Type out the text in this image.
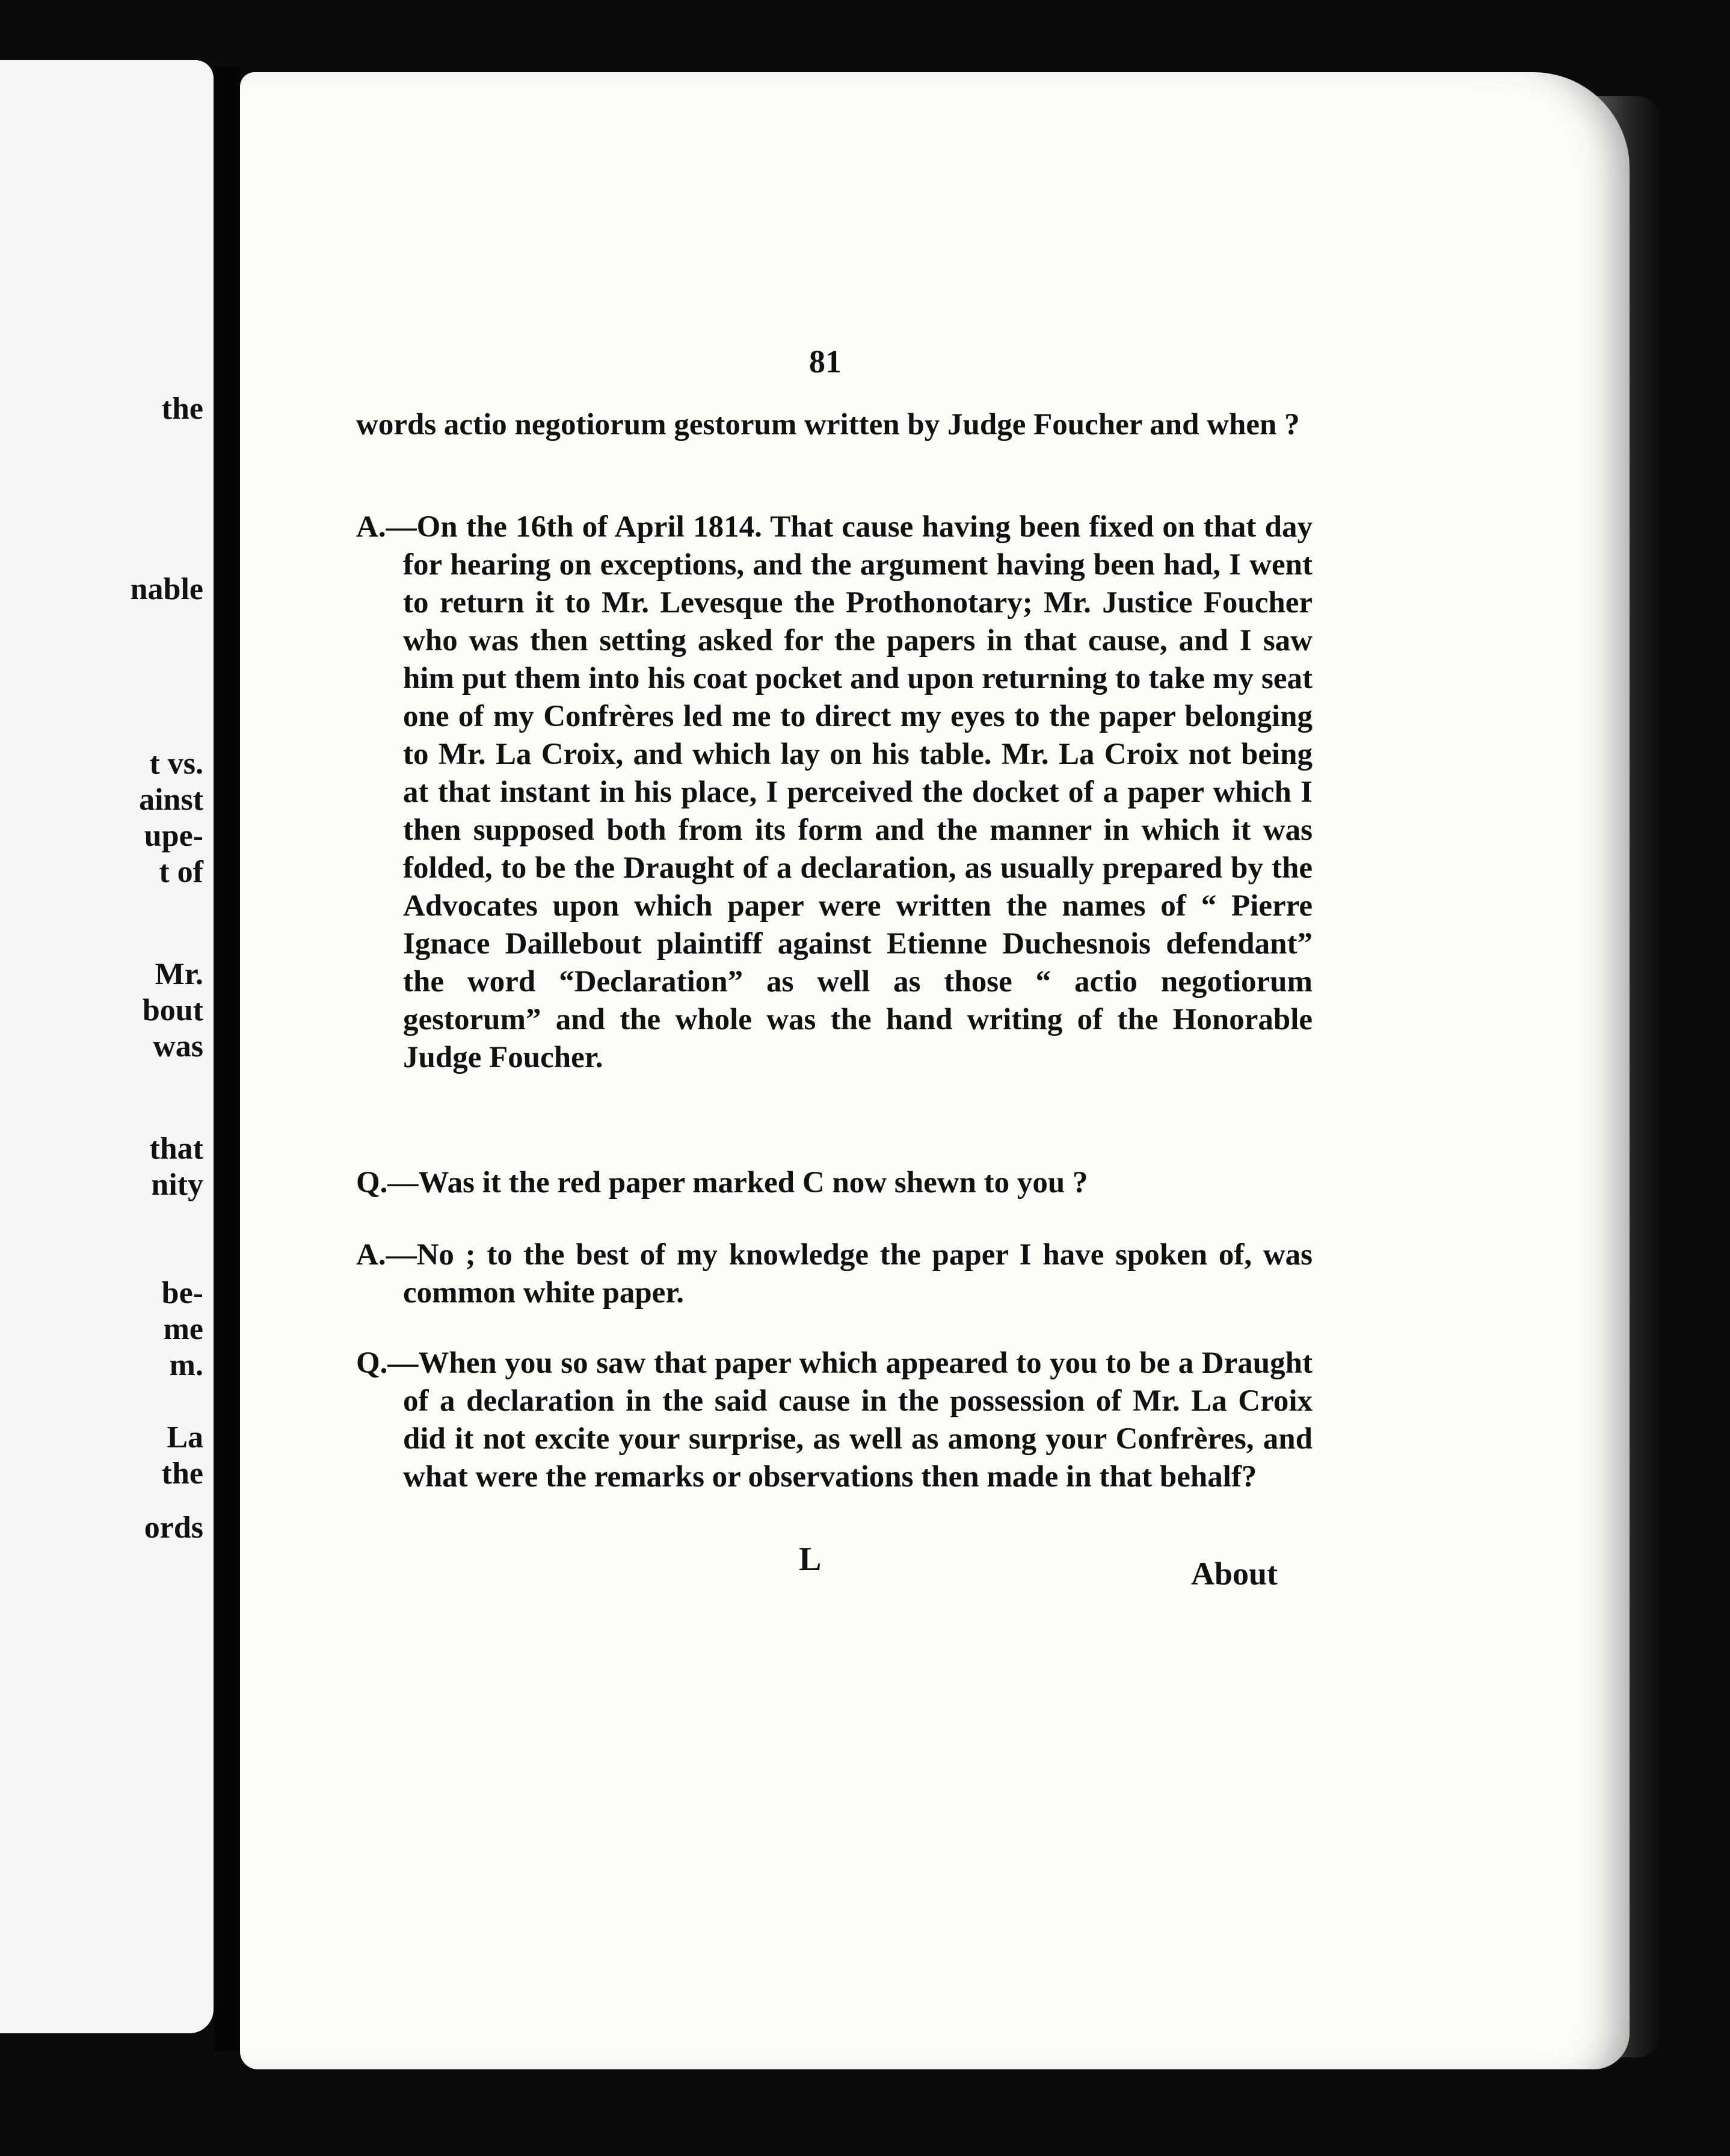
the
nable
t vs.
ainst
upe-
t of
Mr.
bout
was
that
nity
be-
me
m.
La
the
ords
81

words actio negotiorum gestorum written by Judge Foucher and when ?

A.—On the 16th of April 1814. That cause having been fixed on that day for hearing on exceptions, and the argument having been had, I went to return it to Mr. Levesque the Prothonotary; Mr. Justice Foucher who was then setting asked for the papers in that cause, and I saw him put them into his coat pocket and upon returning to take my seat one of my Confrères led me to direct my eyes to the paper belonging to Mr. La Croix, and which lay on his table. Mr. La Croix not being at that instant in his place, I perceived the docket of a paper which I then supposed both from its form and the manner in which it was folded, to be the Draught of a declaration, as usually prepared by the Advocates upon which paper were written the names of “ Pierre Ignace Daillebout plaintiff against Etienne Duchesnois defendant” the word “Declaration” as well as those “ actio negotiorum gestorum” and the whole was the hand writing of the Honorable Judge Foucher.

Q.—Was it the red paper marked C now shewn to you ?

A.—No ; to the best of my knowledge the paper I have spoken of, was common white paper.

Q.—When you so saw that paper which appeared to you to be a Draught of a declaration in the said cause in the possession of Mr. La Croix did it not excite your surprise, as well as among your Confrères, and what were the remarks or observations then made in that behalf?

L	About
